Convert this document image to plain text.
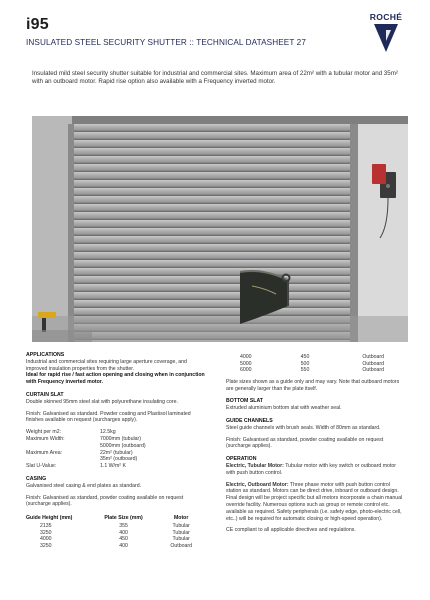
i95
INSULATED STEEL SECURITY SHUTTER :: TECHNICAL DATASHEET 27
ROCHÉ
Insulated mild steel security shutter suitable for industrial and commercial sites. Maximum area of 22m² with a tubular motor and 35m² with an outboard motor. Rapid rise option also available with a Frequency inverted motor.
APPLICATIONS

Industrial and commercial sites requiring large aperture coverage, and improved insulation properties from the shutter.

Ideal for rapid rise / fast action opening and closing when in conjunction with Frequency inverted motor.

CURTAIN SLAT

Double skinned 95mm steel slat with polyurethane insulating core.

Finish: Galvanised as standard. Powder coating and Plastisol laminated finishes available on request (surcharges apply).

Weight per m2:	12.5kg
Maximum Width:	7000mm (tubular)
5000mm (outboard)
Maximum Area:	22m² (tubular)
35m² (outboard)
Slat U-Value:	1.1 W/m² K
CASING

Galvanised steel casing & end plates as standard.

Finish: Galvanised as standard, powder coating available on request (surcharge applies).

Guide Height (mm)	Plate Size (mm)	Motor
2135	355	Tubular
3250	400	Tubular
4000	450	Tubular
3250	400	Outboard
4000	450	Outboard
5000	500	Outboard
6000	550	Outboard

Plate sizes shown as a guide only and may vary. Note that outboard motors are generally larger than the plate itself.

BOTTOM SLAT

Extruded aluminium bottom slat with weather seal.

GUIDE CHANNELS

Steel guide channels with brush seals. Width of 80mm as standard.

Finish: Galvanised as standard, powder coating available on request (surcharge applies).

OPERATION

Electric, Tubular Motor: Tubular motor with key switch or outboard motor with push button control.

Electric, Outboard Motor: Three phase motor with push button control station as standard. Motors can be direct drive, inboard or outboard design. Final design will be project specific but all motors incorporate a chain manual override facility. Numerous options such as group or remote control etc. available as required. Safety peripherals (i.e. safety edge, photo-electric cell, etc..) will be required for automatic closing or high-speed operation).

CE compliant to all applicable directives and regulations.
